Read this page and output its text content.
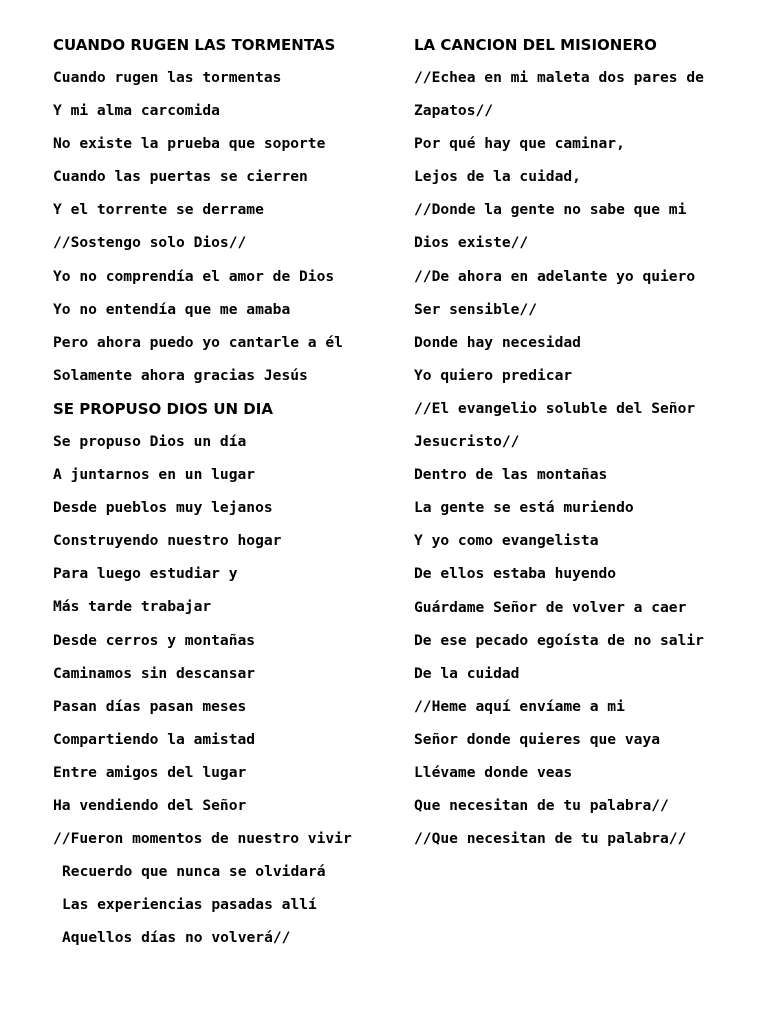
CUANDO RUGEN LAS TORMENTAS
Cuando rugen las tormentas
Y mi alma carcomida
No existe la prueba que soporte
Cuando las puertas se cierren
Y el torrente se derrame
//Sostengo solo Dios//
Yo no comprendía el amor de Dios
Yo no entendía que me amaba
Pero ahora puedo yo cantarle a él
Solamente ahora gracias Jesús
SE PROPUSO DIOS UN DIA
Se propuso Dios un día
A juntarnos en un lugar
Desde pueblos muy lejanos
Construyendo nuestro hogar
Para luego estudiar y
Más tarde trabajar
Desde cerros y montañas
Caminamos sin descansar
Pasan días pasan meses
Compartiendo la amistad
Entre amigos del lugar
Ha vendiendo del Señor
//Fueron momentos de nuestro vivir
Recuerdo que nunca se olvidará
Las experiencias pasadas allí
Aquellos días no volverá//
LA CANCION DEL MISIONERO
//Echea en mi maleta dos pares de
Zapatos//
Por qué hay que caminar,
Lejos de la cuidad,
//Donde la gente no sabe que mi
Dios existe//
//De ahora en adelante yo quiero
Ser sensible//
Donde hay necesidad
Yo quiero predicar
//El evangelio soluble del Señor
Jesucristo//
Dentro de las montañas
La gente se está muriendo
Y yo como evangelista
De ellos estaba huyendo
Guárdame Señor de volver a caer
De ese pecado egoísta de no salir
De la cuidad
//Heme aquí envíame a mi
Señor donde quieres que vaya
Llévame donde veas
Que necesitan de tu palabra//
//Que necesitan de tu palabra//
